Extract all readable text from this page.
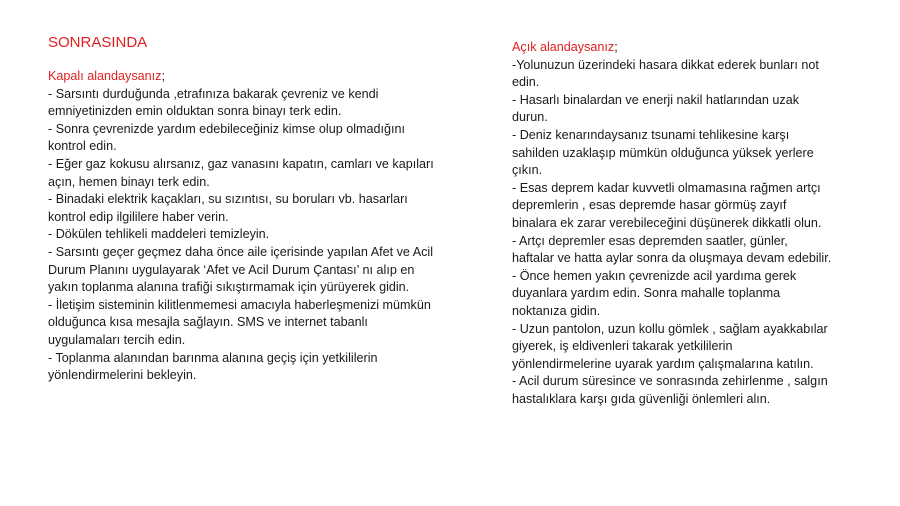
SONRASINDA

Kapalı alandaysanız;

- Sarsıntı durduğunda ,etrafınıza bakarak çevreniz ve kendi emniyetinizden emin olduktan sonra binayı terk edin.

- Sonra çevrenizde yardım edebileceğiniz kimse olup olmadığını kontrol edin.

- Eğer gaz kokusu alırsanız, gaz vanasını kapatın, camları ve kapıları açın, hemen binayı terk edin.

- Binadaki elektrik kaçakları, su sızıntısı, su boruları vb. hasarları kontrol edip ilgililere haber verin.

- Dökülen tehlikeli maddeleri temizleyin.

- Sarsıntı geçer geçmez daha önce aile içerisinde yapılan Afet ve Acil Durum Planını uygulayarak ‘Afet ve Acil Durum Çantası’ nı alıp en yakın toplanma alanına trafiği sıkıştırmamak için yürüyerek gidin.

- İletişim sisteminin kilitlenmemesi amacıyla haberleşmenizi mümkün olduğunca kısa mesajla sağlayın. SMS ve internet tabanlı uygulamaları tercih edin.

- Toplanma alanından barınma alanına geçiş için yetkililerin yönlendirmelerini bekleyin.

Açık alandaysanız;

-Yolunuzun üzerindeki hasara dikkat ederek bunları not edin.

- Hasarlı binalardan ve enerji nakil hatlarından uzak durun.

- Deniz kenarındaysanız tsunami tehlikesine karşı sahilden uzaklaşıp mümkün olduğunca yüksek yerlere çıkın.

- Esas deprem kadar kuvvetli olmamasına rağmen artçı depremlerin , esas depremde hasar görmüş zayıf binalara ek zarar verebileceğini düşünerek dikkatli olun.

- Artçı depremler esas depremden saatler, günler, haftalar ve hatta aylar sonra da oluşmaya devam edebilir.

- Önce hemen yakın çevrenizde acil yardıma gerek duyanlara yardım edin. Sonra mahalle toplanma noktanıza gidin.

- Uzun pantolon, uzun kollu gömlek , sağlam ayakkabılar giyerek, iş eldivenleri takarak yetkililerin yönlendirmelerine uyarak yardım çalışmalarına katılın.

- Acil durum süresince ve sonrasında zehirlenme , salgın hastalıklara karşı gıda güvenliği önlemleri alın.
